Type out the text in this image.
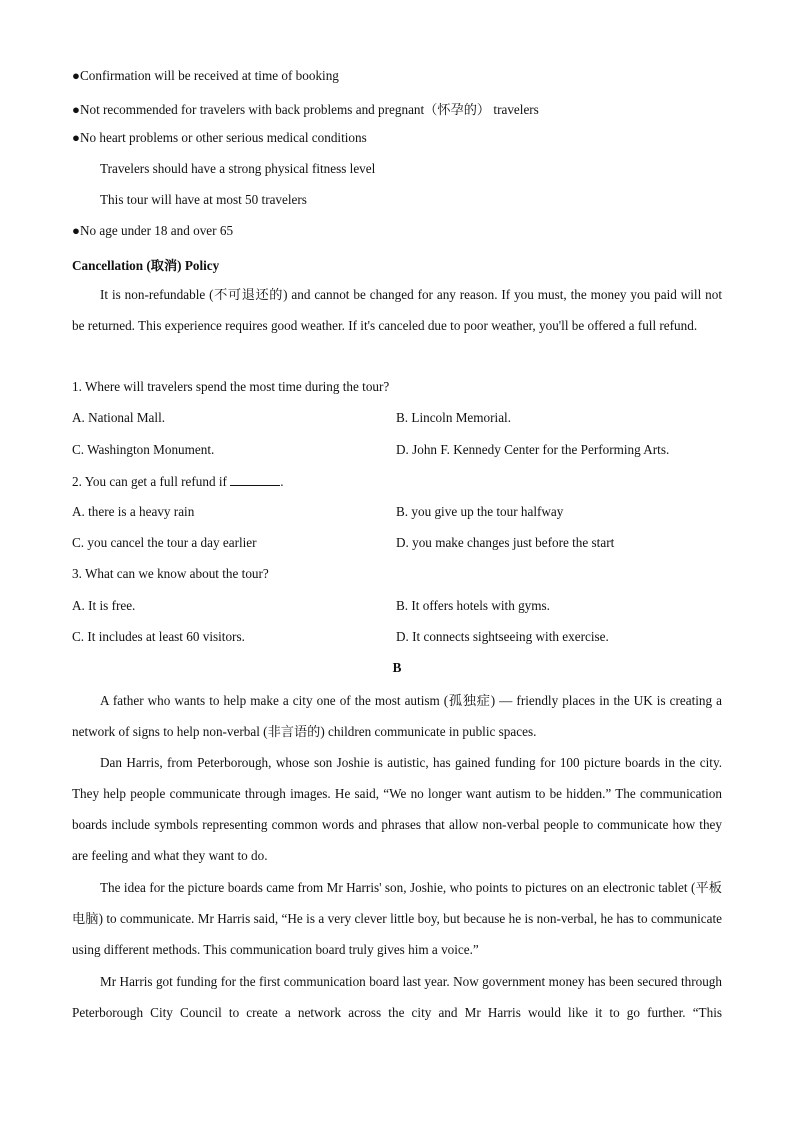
●Confirmation will be received at time of booking
●Not recommended for travelers with back problems and pregnant（怀孕的） travelers
●No heart problems or other serious medical conditions
Travelers should have a strong physical fitness level
This tour will have at most 50 travelers
●No age under 18 and over 65
Cancellation (取消) Policy
It is non-refundable (不可退还的) and cannot be changed for any reason. If you must, the money you paid will not be returned. This experience requires good weather. If it's canceled due to poor weather, you'll be offered a full refund.
1. Where will travelers spend the most time during the tour?
A. National Mall.	B. Lincoln Memorial.
C. Washington Monument.	D. John F. Kennedy Center for the Performing Arts.
2. You can get a full refund if	.
A. there is a heavy rain	B. you give up the tour halfway
C. you cancel the tour a day earlier	D. you make changes just before the start
3. What can we know about the tour?
A. It is free.	B. It offers hotels with gyms.
C. It includes at least 60 visitors.	D. It connects sightseeing with exercise.
B
A father who wants to help make a city one of the most autism (孤独症) — friendly places in the UK is creating a network of signs to help non-verbal (非言语的) children communicate in public spaces.
Dan Harris, from Peterborough, whose son Joshie is autistic, has gained funding for 100 picture boards in the city. They help people communicate through images. He said, “We no longer want autism to be hidden.” The communication boards include symbols representing common words and phrases that allow non-verbal people to communicate how they are feeling and what they want to do.
The idea for the picture boards came from Mr Harris' son, Joshie, who points to pictures on an electronic tablet (平板电脑) to communicate. Mr Harris said, “He is a very clever little boy, but because he is non-verbal, he has to communicate using different methods. This communication board truly gives him a voice.”
Mr Harris got funding for the first communication board last year. Now government money has been secured through Peterborough City Council to create a network across the city and Mr Harris would like it to go further. “This
